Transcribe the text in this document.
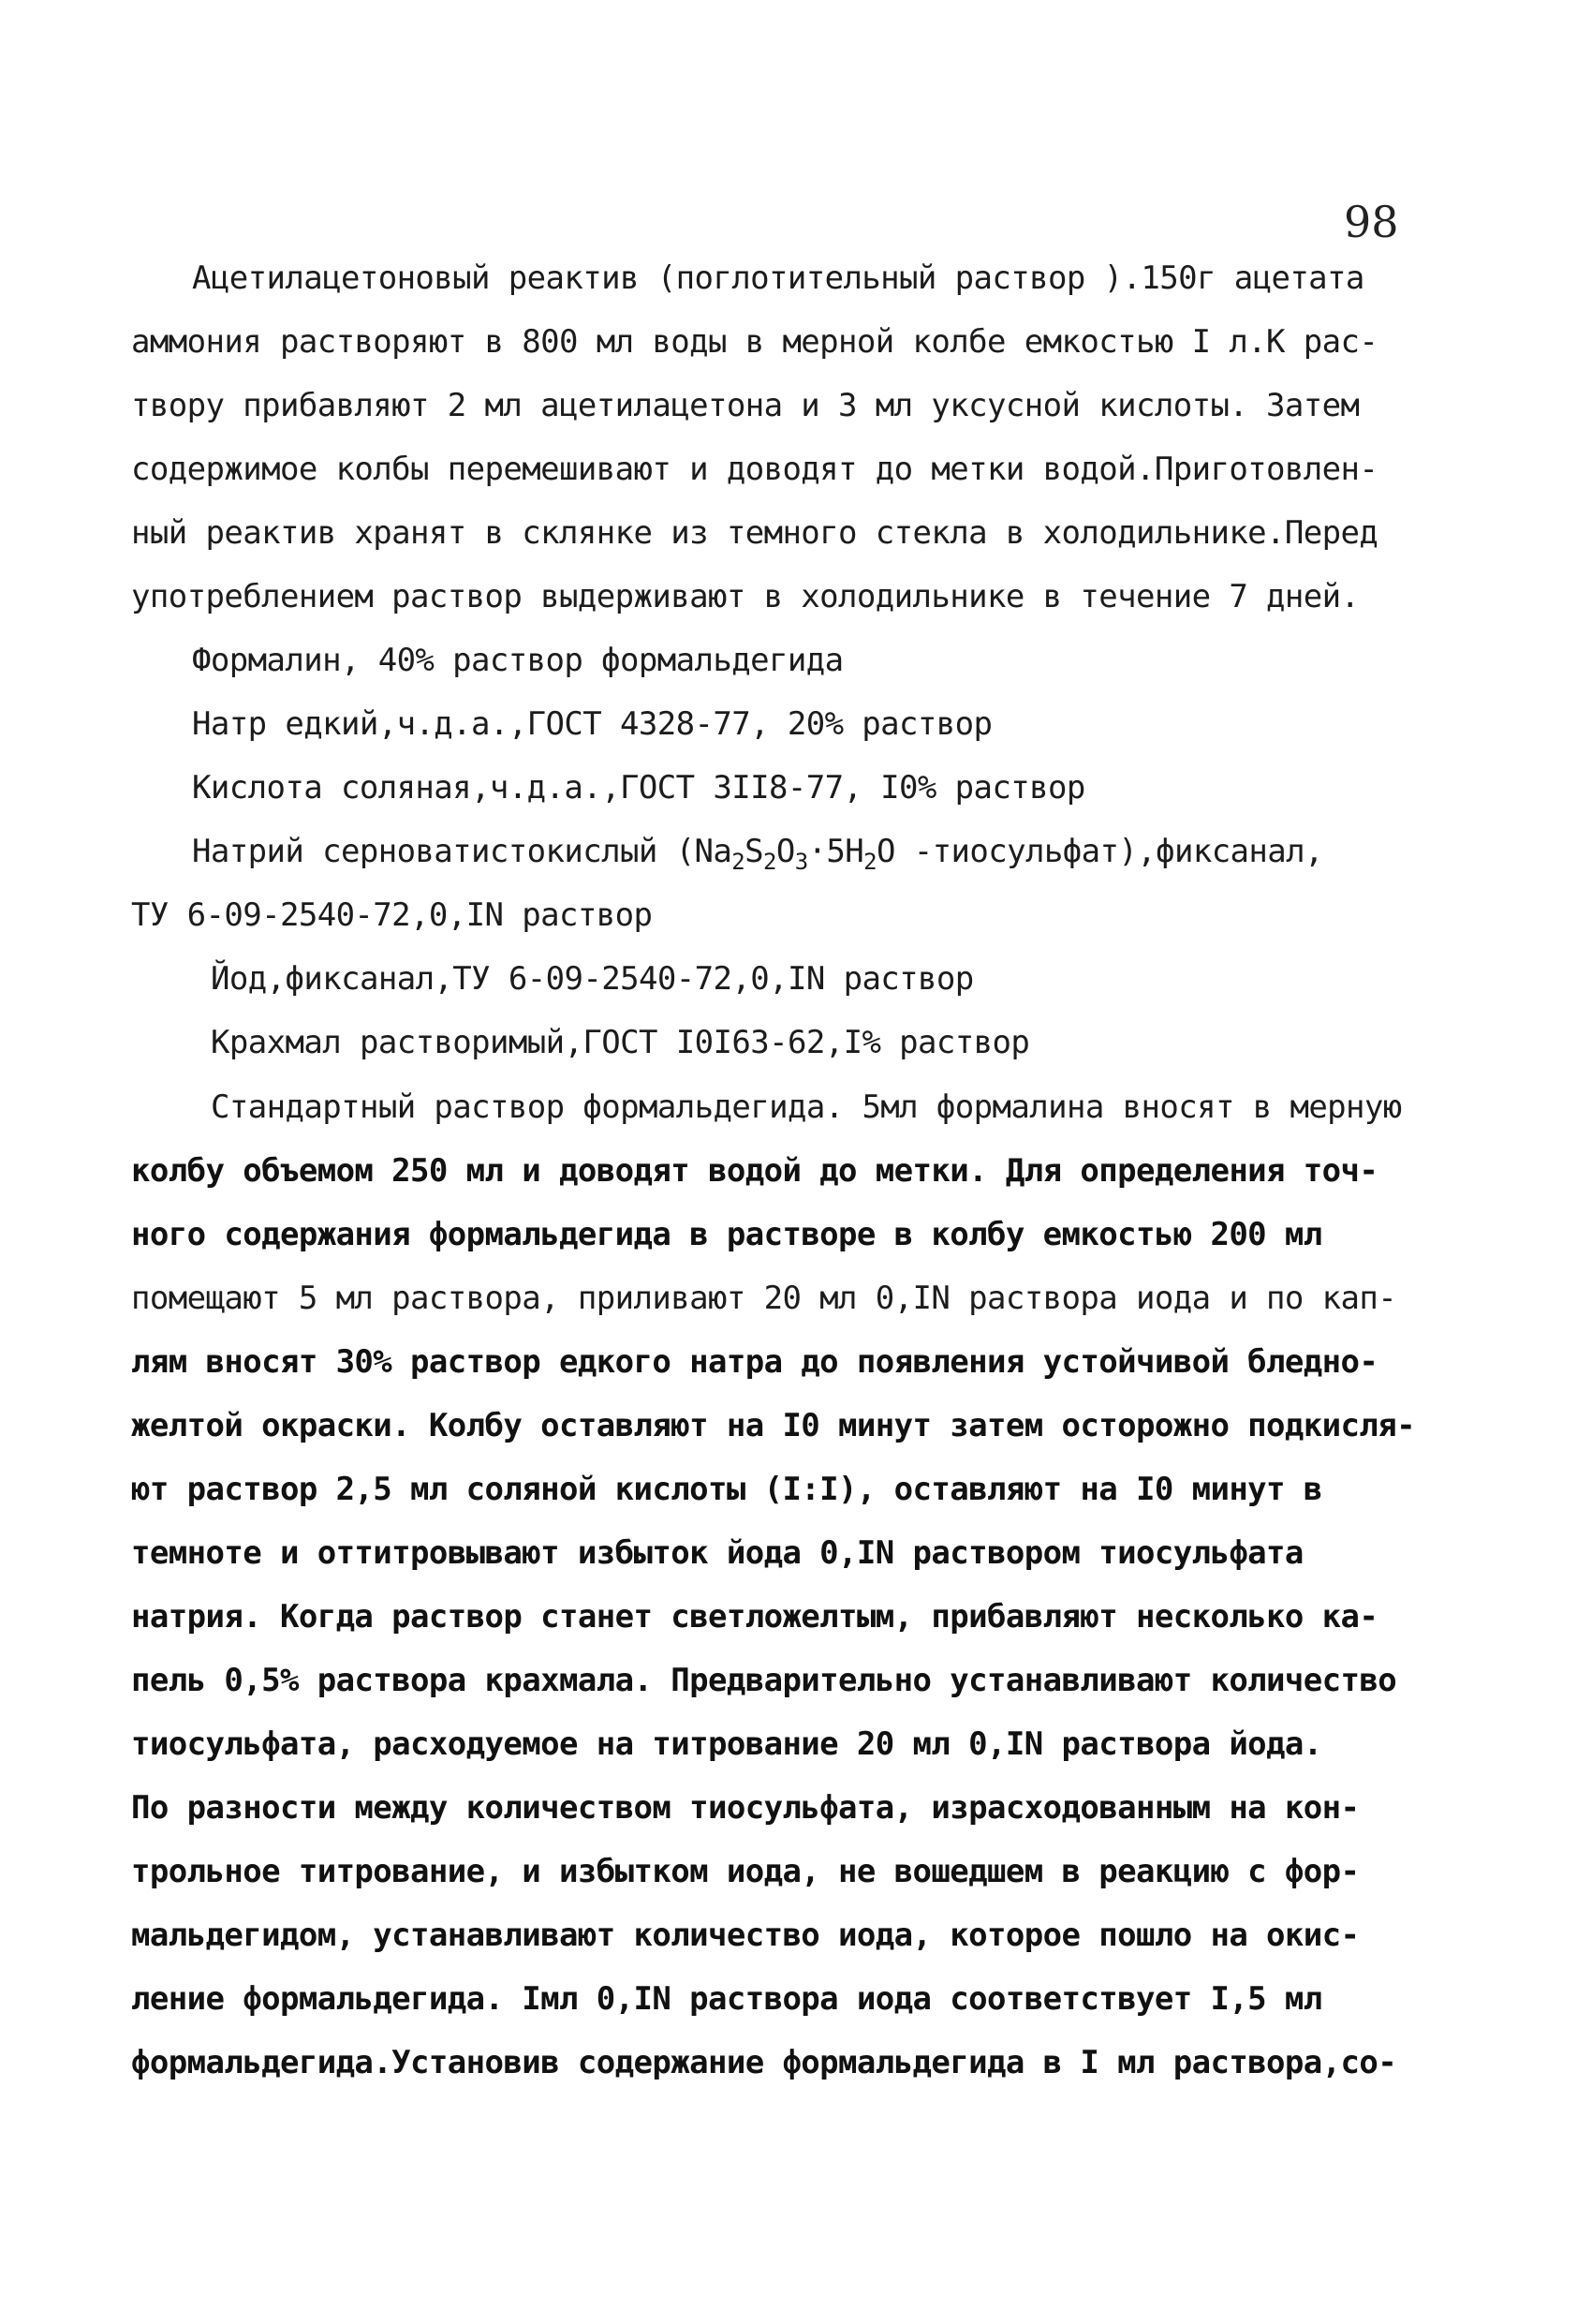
98
Ацетилацетоновый реактив (поглотительный раствор ).150г ацетата
аммония растворяют в 800 мл воды в мерной колбе емкостью I л.К рас-
твору прибавляют 2 мл ацетилацетона и 3 мл уксусной кислоты. Затем
содержимое колбы перемешивают и доводят до метки водой.Приготовлен-
ный реактив хранят в склянке из темного стекла в холодильнике.Перед
употреблением раствор выдерживают в холодильнике в течение 7 дней.
Формалин, 40% раствор формальдегида
Натр едкий,ч.д.а.,ГОСТ 4328-77, 20% раствор
Кислота соляная,ч.д.а.,ГОСТ 3II8-77, I0% раствор
Натрий серноватистокислый ($Na_2S_2O_3\cdot 5H_2O$ -тиосульфат),фиксанал,
ТУ 6-09-2540-72,0,IN раствор
Йод,фиксанал,ТУ 6-09-2540-72,0,IN раствор
Крахмал растворимый,ГОСТ I0I63-62,I% раствор
Стандартный раствор формальдегида. 5мл формалина вносят в мерную
колбу объемом 250 мл и доводят водой до метки. Для определения точ-
ного содержания формальдегида в растворе в колбу емкостью 200 мл
помещают 5 мл раствора, приливают 20 мл 0,IN раствора иода и по кап-
лям вносят 30% раствор едкого натра до появления устойчивой бледно-
желтой окраски. Колбу оставляют на I0 минут затем осторожно подкисля-
ют раствор 2,5 мл соляной кислоты (I:I), оставляют на I0 минут в
темноте и оттитровывают избыток йода 0,IN раствором тиосульфата
натрия. Когда раствор станет светложелтым, прибавляют несколько ка-
пель 0,5% раствора крахмала. Предварительно устанавливают количество
тиосульфата, расходуемое на титрование 20 мл 0,IN раствора йода.
По разности между количеством тиосульфата, израсходованным на кон-
трольное титрование, и избытком иода, не вошедшем в реакцию с фор-
мальдегидом, устанавливают количество иода, которое пошло на окис-
ление формальдегида. Iмл 0,IN раствора иода соответствует I,5 мл
формальдегида.Установив содержание формальдегида в I мл раствора,со-
